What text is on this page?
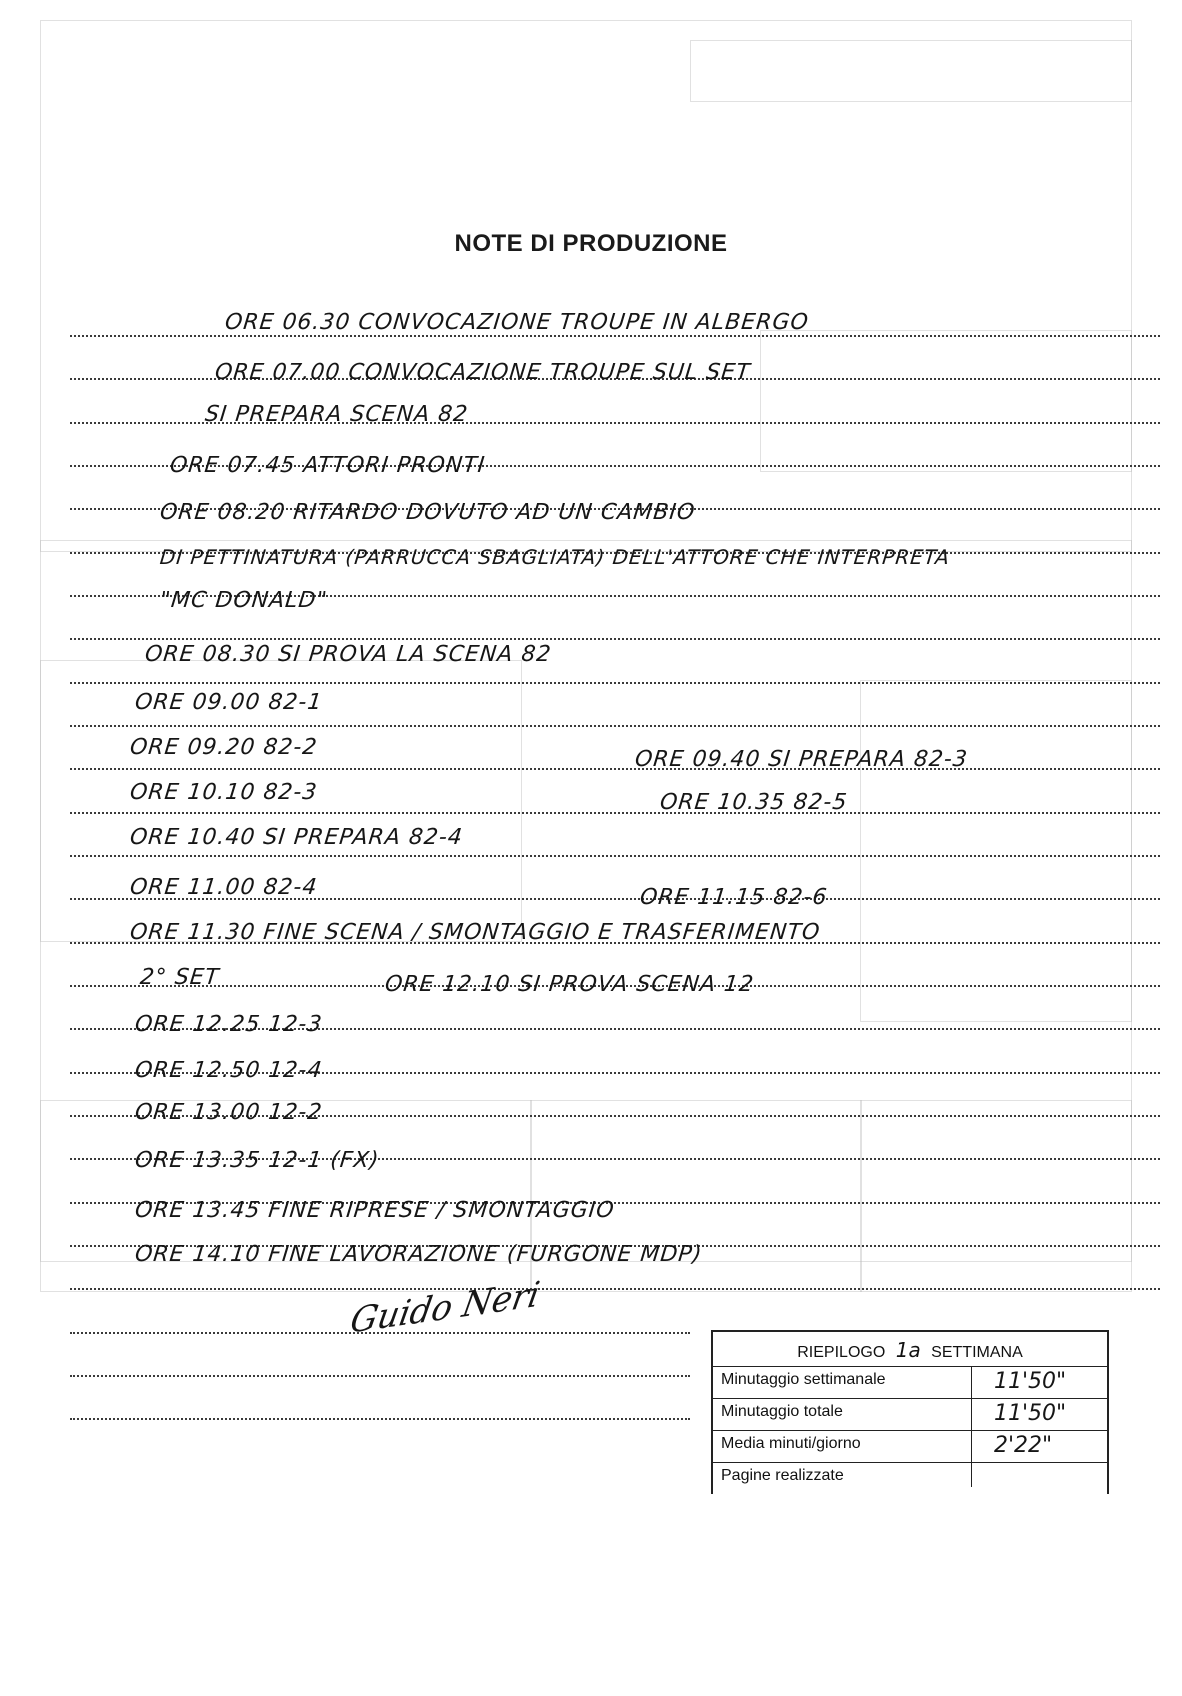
NOTE DI PRODUZIONE
ORE 06.30 CONVOCAZIONE TROUPE IN ALBERGO
ORE 07.00 CONVOCAZIONE TROUPE SUL SET
SI PREPARA SCENA 82
ORE 07.45 ATTORI PRONTI
ORE 08.20 RITARDO DOVUTO AD UN CAMBIO
DI PETTINATURA (PARRUCCA SBAGLIATA) DELL'ATTORE CHE INTERPRETA
"MC DONALD"
ORE 08.30 SI PROVA LA SCENA 82
ORE 09.00 82-1
ORE 09.20 82-2	ORE 09.40 SI PREPARA 82-3
ORE 10.10 82-3	ORE 10.35 82-5
ORE 10.40 SI PREPARA 82-4
ORE 11.00 82-4	ORE 11.15 82-6
ORE 11.30 FINE SCENA / SMONTAGGIO E TRASFERIMENTO
2° SET	ORE 12.10 SI PROVA SCENA 12
ORE 12.25 12-3
ORE 12.50 12-4
ORE 13.00 12-2
ORE 13.35 12-1 (FX)
ORE 13.45 FINE RIPRESE / SMONTAGGIO
ORE 14.10 FINE LAVORAZIONE (FURGONE MDP)
Guido Neri
RIEPILOGO 1a SETTIMANA
Minutaggio settimanale	11'50"
Minutaggio totale	11'50"
Media minuti/giorno	2'22"
Pagine realizzate
